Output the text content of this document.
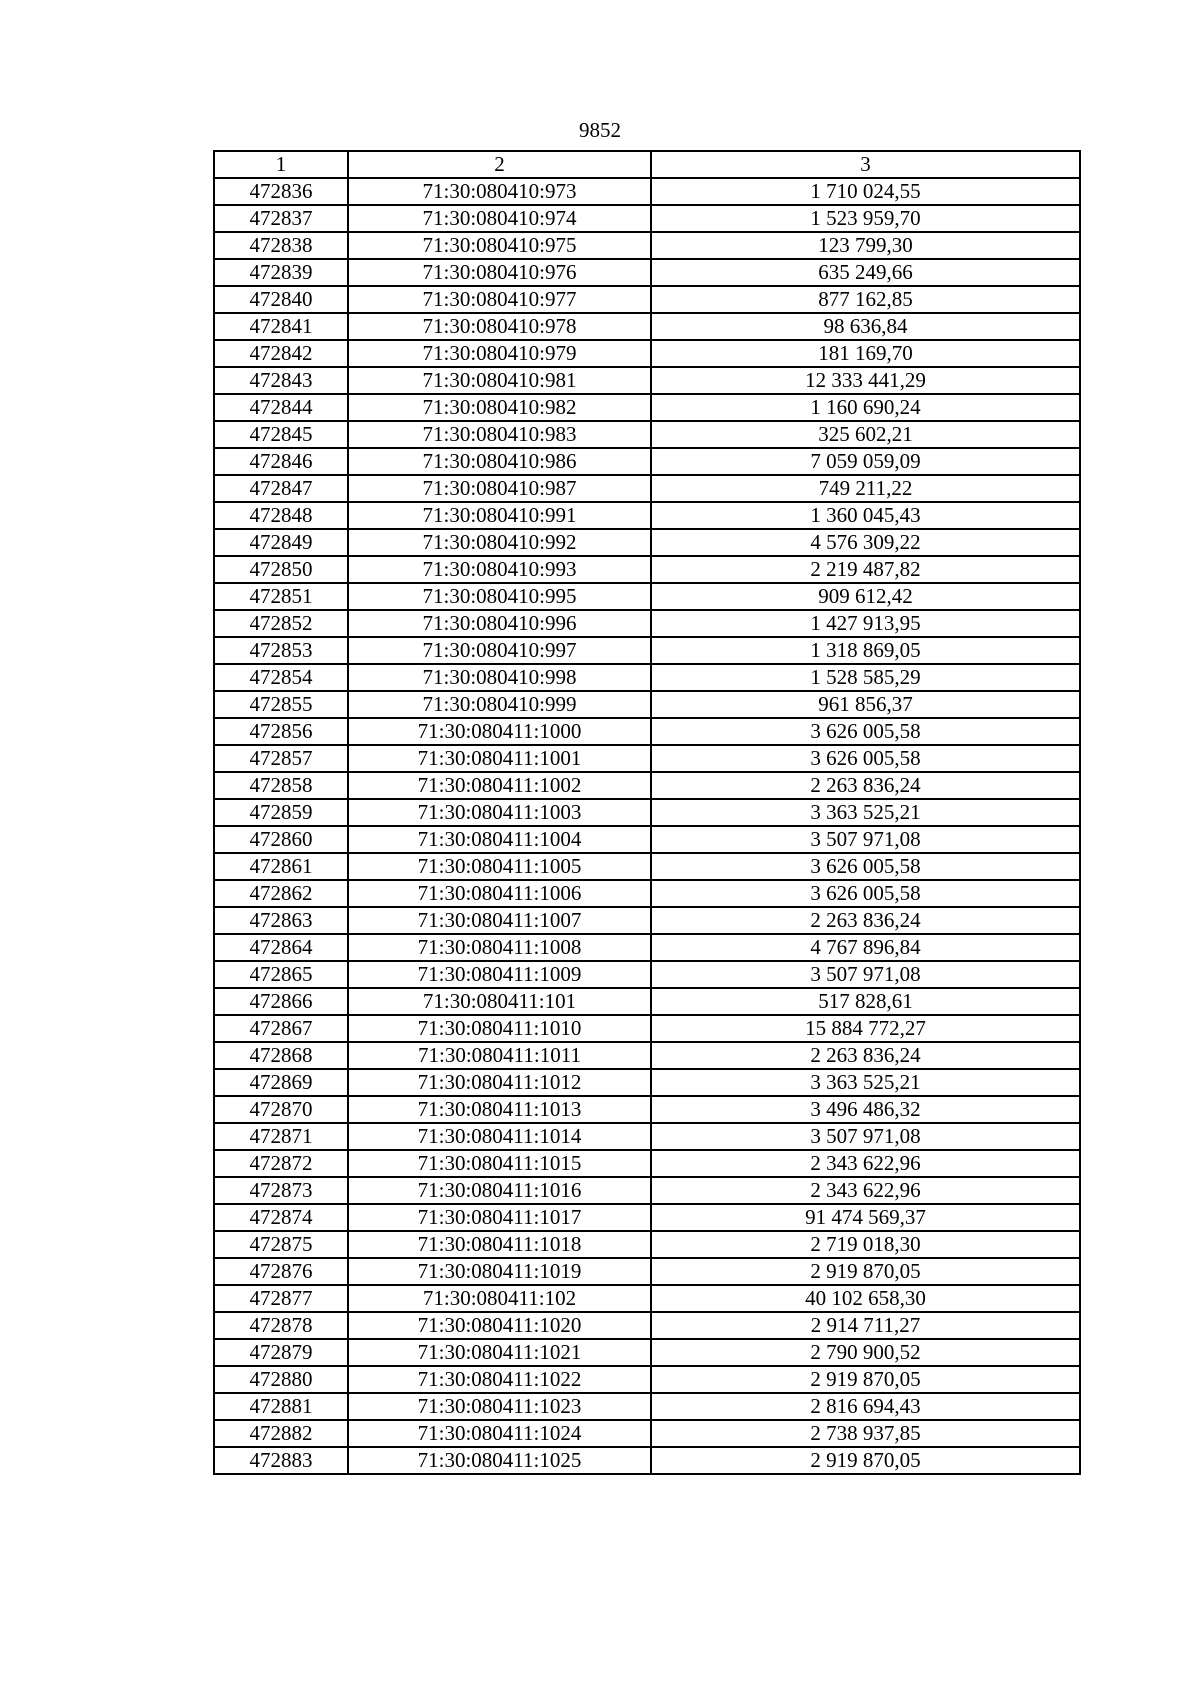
9852
1	2	3
472836	71:30:080410:973	1 710 024,55
472837	71:30:080410:974	1 523 959,70
472838	71:30:080410:975	123 799,30
472839	71:30:080410:976	635 249,66
472840	71:30:080410:977	877 162,85
472841	71:30:080410:978	98 636,84
472842	71:30:080410:979	181 169,70
472843	71:30:080410:981	12 333 441,29
472844	71:30:080410:982	1 160 690,24
472845	71:30:080410:983	325 602,21
472846	71:30:080410:986	7 059 059,09
472847	71:30:080410:987	749 211,22
472848	71:30:080410:991	1 360 045,43
472849	71:30:080410:992	4 576 309,22
472850	71:30:080410:993	2 219 487,82
472851	71:30:080410:995	909 612,42
472852	71:30:080410:996	1 427 913,95
472853	71:30:080410:997	1 318 869,05
472854	71:30:080410:998	1 528 585,29
472855	71:30:080410:999	961 856,37
472856	71:30:080411:1000	3 626 005,58
472857	71:30:080411:1001	3 626 005,58
472858	71:30:080411:1002	2 263 836,24
472859	71:30:080411:1003	3 363 525,21
472860	71:30:080411:1004	3 507 971,08
472861	71:30:080411:1005	3 626 005,58
472862	71:30:080411:1006	3 626 005,58
472863	71:30:080411:1007	2 263 836,24
472864	71:30:080411:1008	4 767 896,84
472865	71:30:080411:1009	3 507 971,08
472866	71:30:080411:101	517 828,61
472867	71:30:080411:1010	15 884 772,27
472868	71:30:080411:1011	2 263 836,24
472869	71:30:080411:1012	3 363 525,21
472870	71:30:080411:1013	3 496 486,32
472871	71:30:080411:1014	3 507 971,08
472872	71:30:080411:1015	2 343 622,96
472873	71:30:080411:1016	2 343 622,96
472874	71:30:080411:1017	91 474 569,37
472875	71:30:080411:1018	2 719 018,30
472876	71:30:080411:1019	2 919 870,05
472877	71:30:080411:102	40 102 658,30
472878	71:30:080411:1020	2 914 711,27
472879	71:30:080411:1021	2 790 900,52
472880	71:30:080411:1022	2 919 870,05
472881	71:30:080411:1023	2 816 694,43
472882	71:30:080411:1024	2 738 937,85
472883	71:30:080411:1025	2 919 870,05
